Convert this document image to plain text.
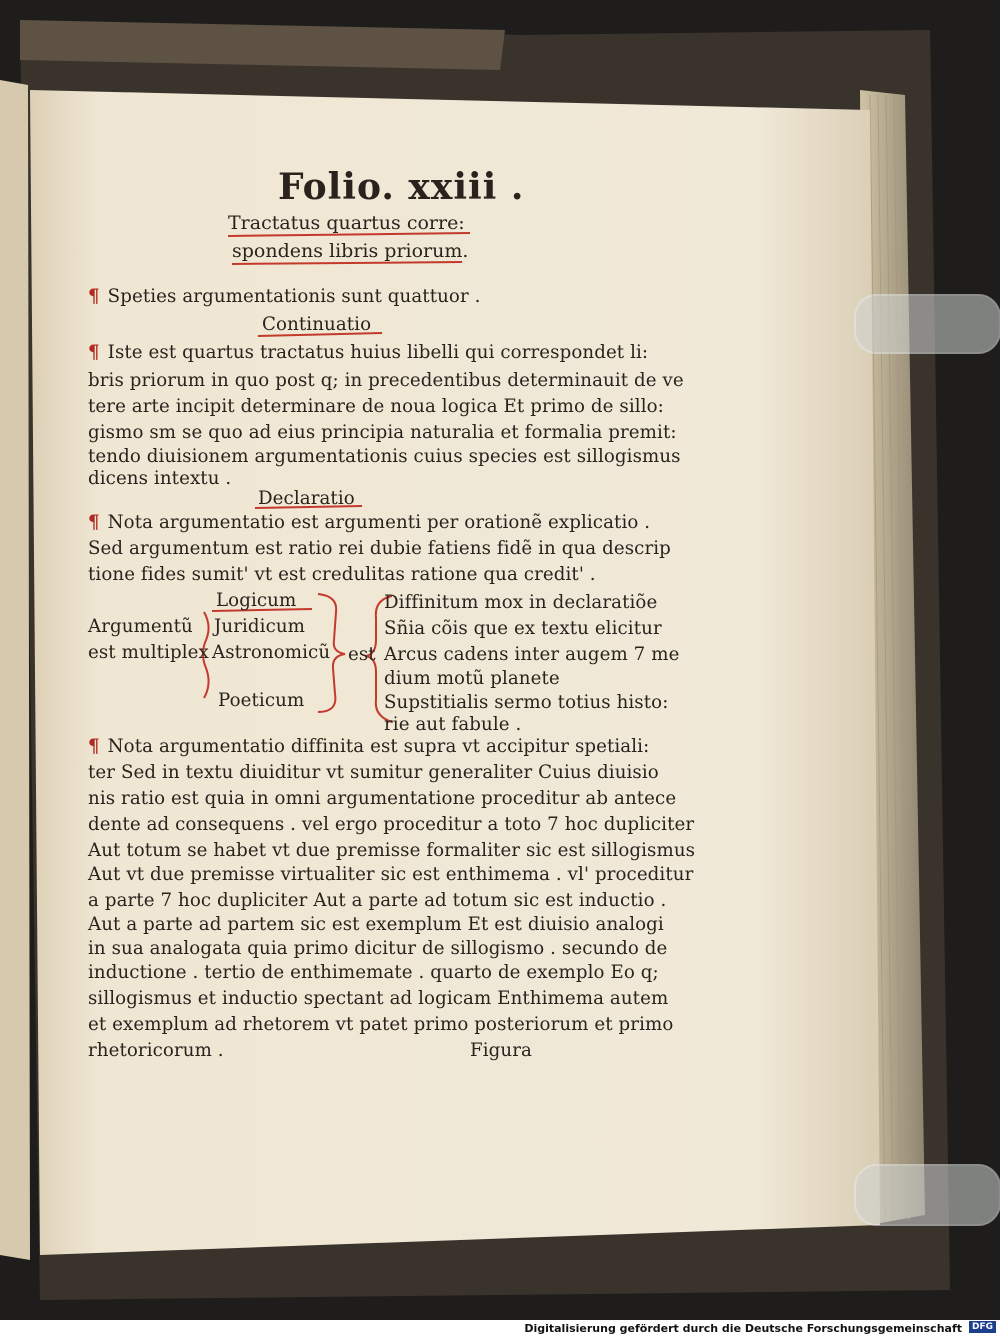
Folio. xxiii .
Tractatus quartus corre:
spondens libris priorum.
¶ Speties argumentationis sunt quattuor .
Continuatio
¶ Iste est quartus tractatus huius libelli qui correspondet li:
bris priorum in quo post q; in precedentibus determinauit de ve
tere arte incipit determinare de noua logica Et primo de sillo:
gismo sm se quo ad eius principia naturalia et formalia premit:
tendo diuisionem argumentationis cuius species est sillogismus
dicens intextu .
Declaratio
¶ Nota argumentatio est argumenti per orationẽ explicatio .
Sed argumentum est ratio rei dubie fatiens fidẽ in qua descrip
tione fides sumit' vt est credulitas ratione qua credit' .
Logicum
Argumentũ Juridicum
est multiplex Astronomicũ est
Poeticum
Diffinitum mox in declaratiõe
Sñia cõis que ex textu elicitur
Arcus cadens inter augem 7 me
dium motũ planete
Supstitialis sermo totius histo:
rie aut fabule .
¶ Nota argumentatio diffinita est supra vt accipitur spetiali:
ter Sed in textu diuiditur vt sumitur generaliter Cuius diuisio
nis ratio est quia in omni argumentatione proceditur ab antece
dente ad consequens . vel ergo proceditur a toto 7 hoc dupliciter
Aut totum se habet vt due premisse formaliter sic est sillogismus
Aut vt due premisse virtualiter sic est enthimema . vl' proceditur
a parte 7 hoc dupliciter Aut a parte ad totum sic est inductio .
Aut a parte ad partem sic est exemplum Et est diuisio analogi
in sua analogata quia primo dicitur de sillogismo . secundo de
inductione . tertio de enthimemate . quarto de exemplo Eo q;
sillogismus et inductio spectant ad logicam Enthimema autem
et exemplum ad rhetorem vt patet primo posteriorum et primo
rhetoricorum .	Figura
Digitalisierung gefördert durch die Deutsche Forschungsgemeinschaft	DFG
